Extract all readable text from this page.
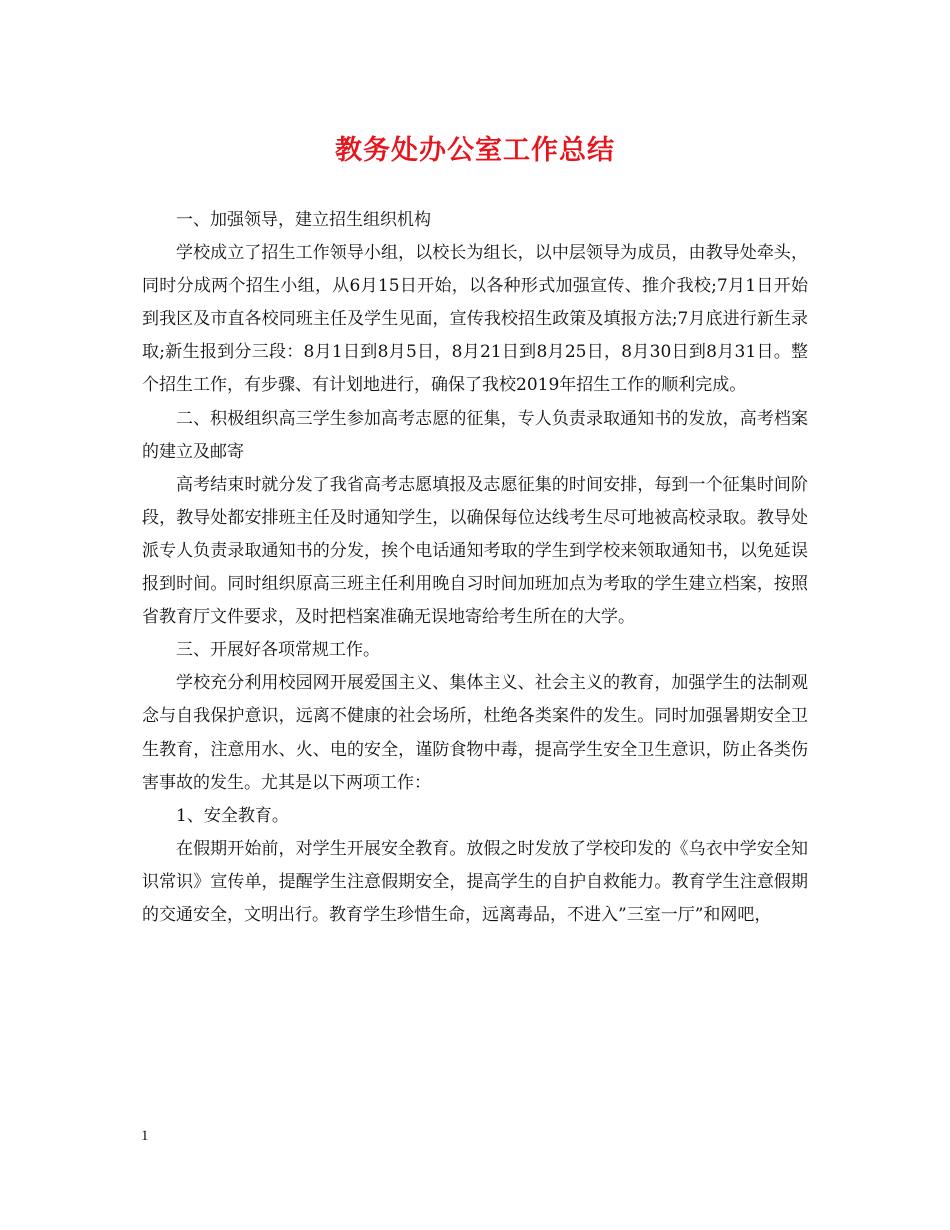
教务处办公室工作总结

一、加强领导，建立招生组织机构

学校成立了招生工作领导小组，以校长为组长，以中层领导为成员，由教导处牵头，同时分成两个招生小组，从6月15日开始，以各种形式加强宣传、推介我校;7月1日开始到我区及市直各校同班主任及学生见面，宣传我校招生政策及填报方法;7月底进行新生录取;新生报到分三段：8月1日到8月5日，8月21日到8月25日，8月30日到8月31日。整个招生工作，有步骤、有计划地进行，确保了我校2019年招生工作的顺利完成。

二、积极组织高三学生参加高考志愿的征集，专人负责录取通知书的发放，高考档案的建立及邮寄

高考结束时就分发了我省高考志愿填报及志愿征集的时间安排，每到一个征集时间阶段，教导处都安排班主任及时通知学生，以确保每位达线考生尽可地被高校录取。教导处派专人负责录取通知书的分发，挨个电话通知考取的学生到学校来领取通知书，以免延误报到时间。同时组织原高三班主任利用晚自习时间加班加点为考取的学生建立档案，按照省教育厅文件要求，及时把档案准确无误地寄给考生所在的大学。

三、开展好各项常规工作。

学校充分利用校园网开展爱国主义、集体主义、社会主义的教育，加强学生的法制观念与自我保护意识，远离不健康的社会场所，杜绝各类案件的发生。同时加强暑期安全卫生教育，注意用水、火、电的安全，谨防食物中毒，提高学生安全卫生意识，防止各类伤害事故的发生。尤其是以下两项工作：

1、安全教育。

在假期开始前，对学生开展安全教育。放假之时发放了学校印发的《乌衣中学安全知识常识》宣传单，提醒学生注意假期安全，提高学生的自护自救能力。教育学生注意假期的交通安全，文明出行。教育学生珍惜生命，远离毒品，不进入”三室一厅”和网吧，

1
